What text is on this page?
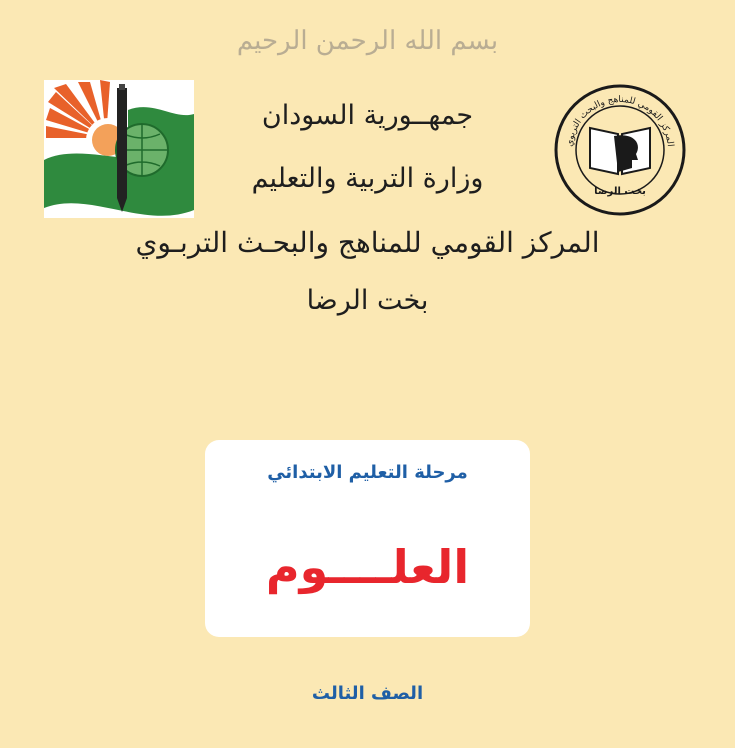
بسم الله الرحمن الرحيم
المركز القومي للمناهج والبحث التربوي
بخت الرضا
جمهــورية السودان
وزارة التربية والتعليم
المركز القومي للمناهج والبحـث التربـوي
بخت الرضا
مرحلة التعليم الابتدائي
العلــــوم
الصف الثالث
